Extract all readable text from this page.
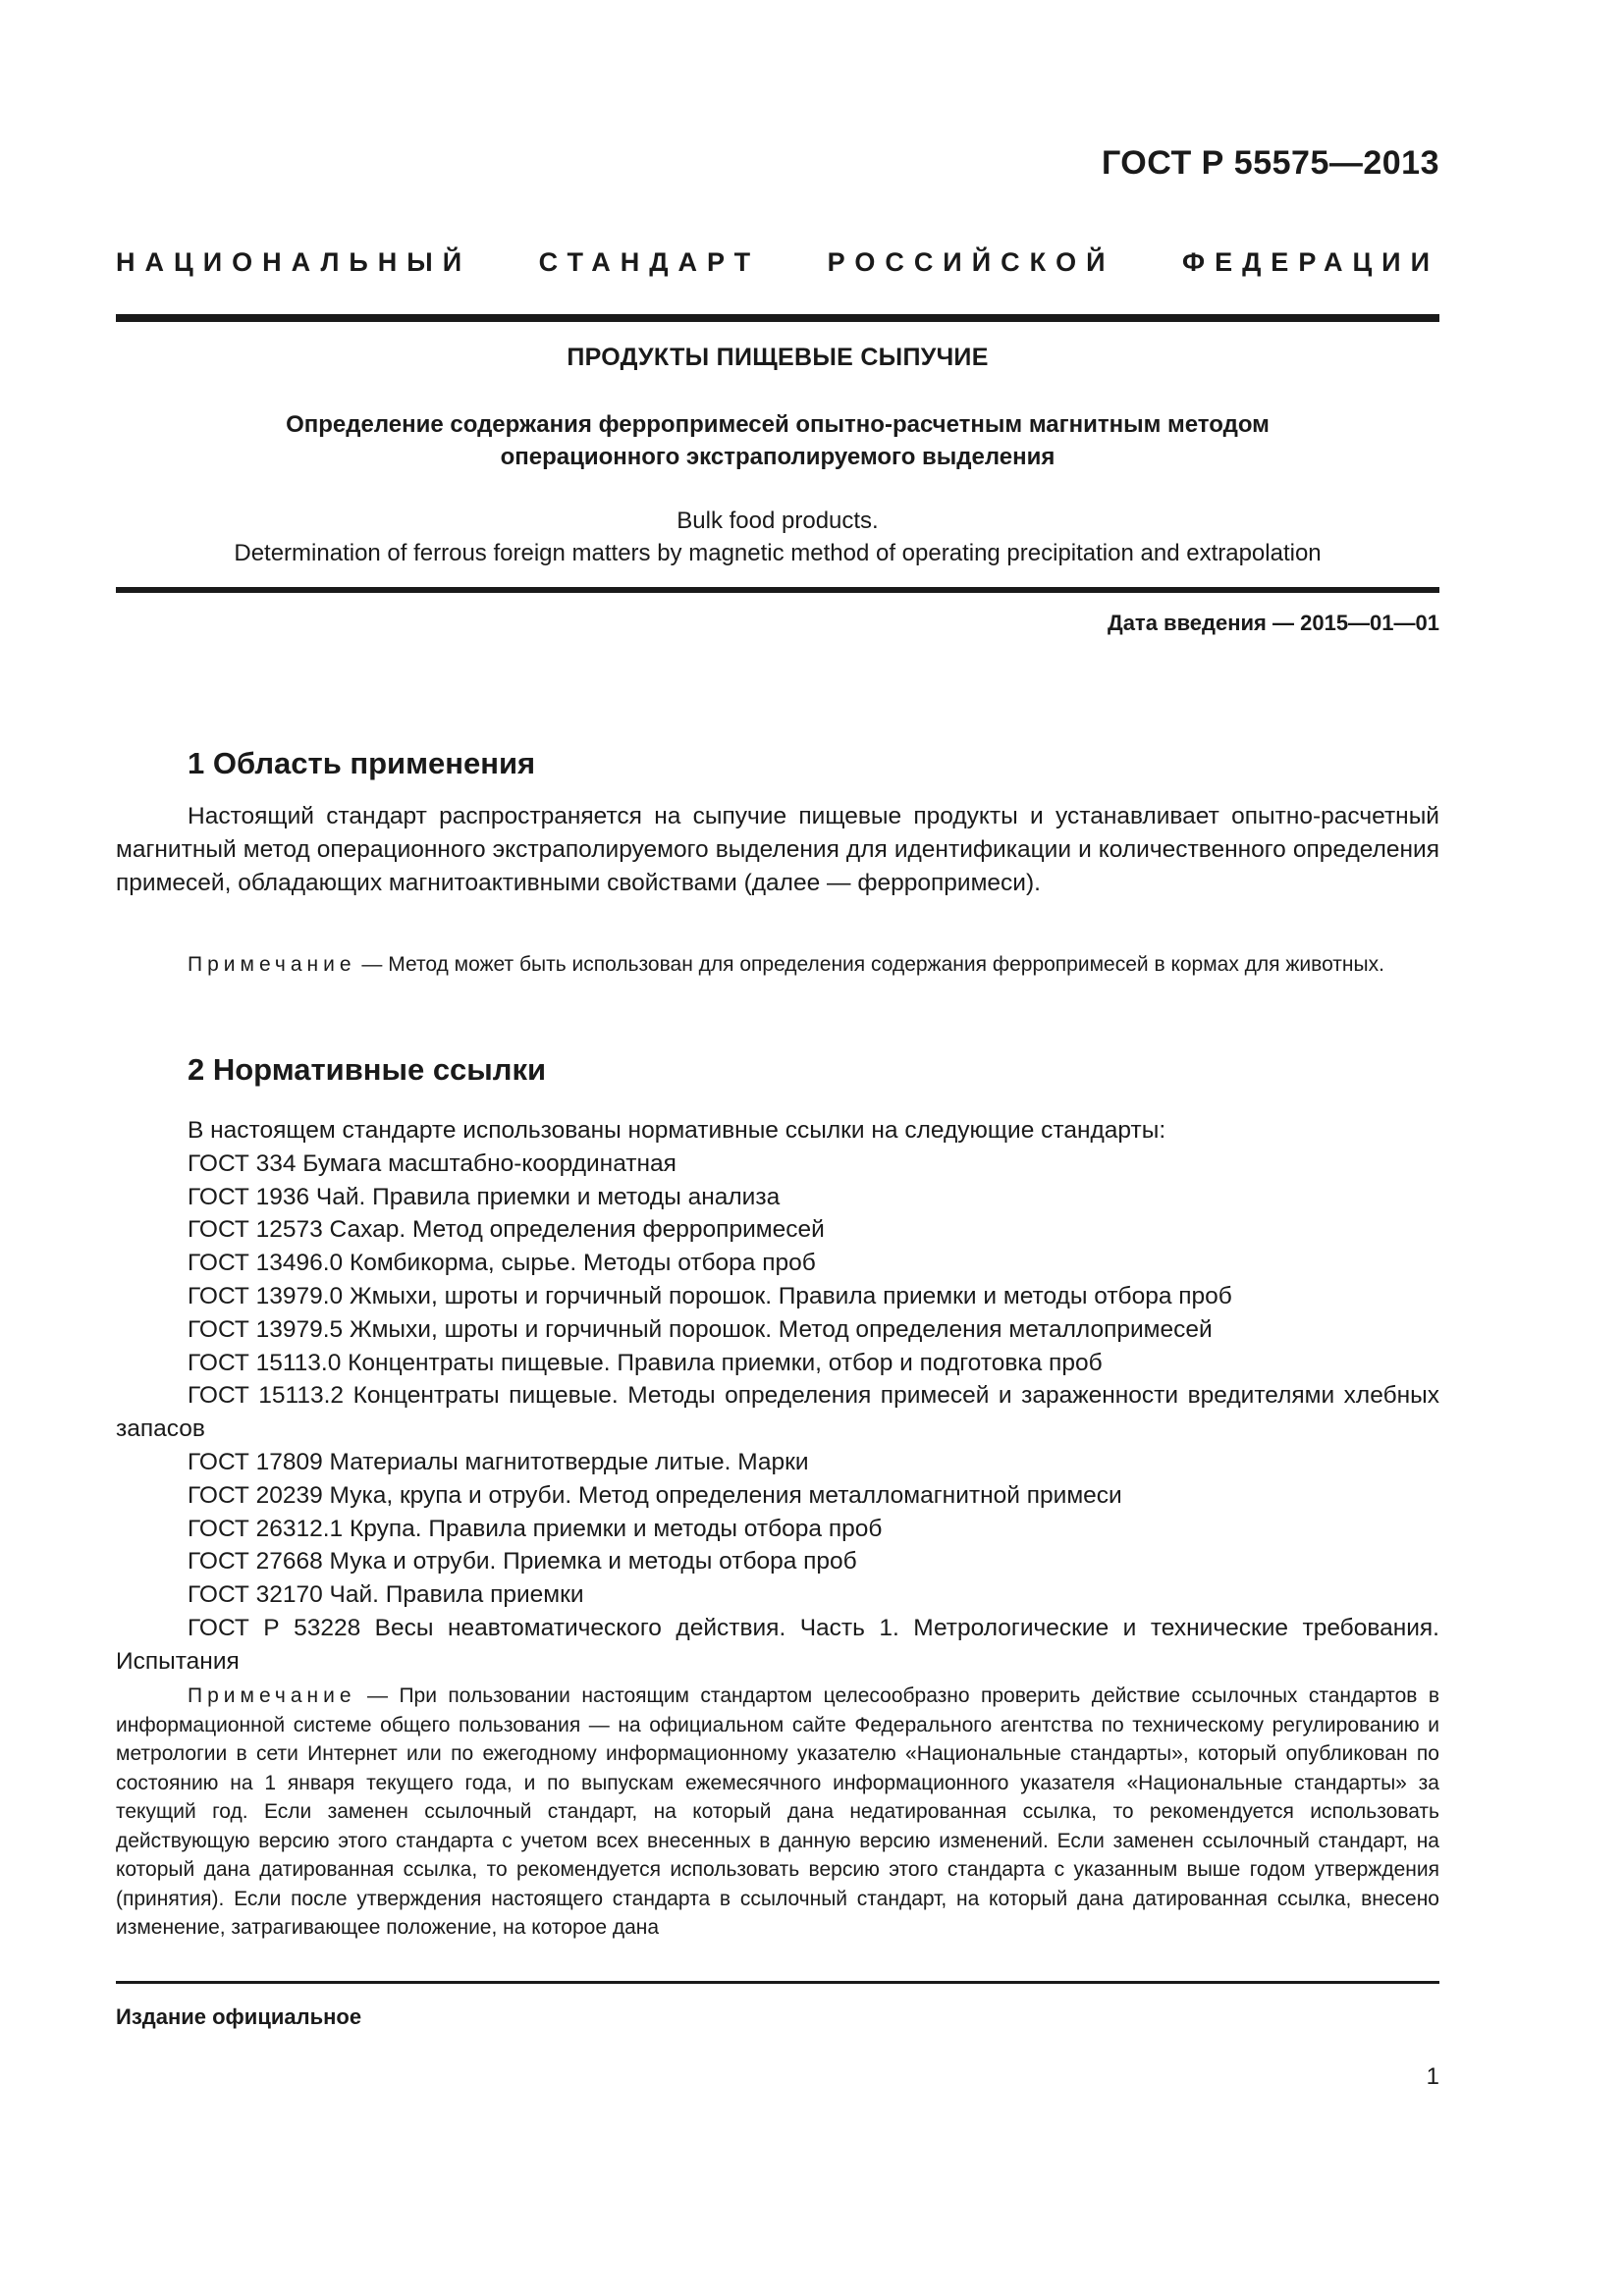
ГОСТ Р 55575—2013
НАЦИОНАЛЬНЫЙ СТАНДАРТ РОССИЙСКОЙ ФЕДЕРАЦИИ
ПРОДУКТЫ ПИЩЕВЫЕ СЫПУЧИЕ
Определение содержания ферропримесей опытно-расчетным магнитным методом
операционного экстраполируемого выделения
Bulk food products.
Determination of ferrous foreign matters by magnetic method of operating precipitation and extrapolation
Дата введения — 2015—01—01
1 Область применения
Настоящий стандарт распространяется на сыпучие пищевые продукты и устанавливает опытно-расчетный магнитный метод операционного экстраполируемого выделения для идентификации и количественного определения примесей, обладающих магнитоактивными свойствами (далее — ферропримеси).
Примечание — Метод может быть использован для определения содержания ферропримесей в кормах для животных.
2 Нормативные ссылки
В настоящем стандарте использованы нормативные ссылки на следующие стандарты:
ГОСТ 334 Бумага масштабно-координатная
ГОСТ 1936 Чай. Правила приемки и методы анализа
ГОСТ 12573 Сахар. Метод определения ферропримесей
ГОСТ 13496.0 Комбикорма, сырье. Методы отбора проб
ГОСТ 13979.0 Жмыхи, шроты и горчичный порошок. Правила приемки и методы отбора проб
ГОСТ 13979.5 Жмыхи, шроты и горчичный порошок. Метод определения металлопримесей
ГОСТ 15113.0 Концентраты пищевые. Правила приемки, отбор и подготовка проб
ГОСТ 15113.2 Концентраты пищевые. Методы определения примесей и зараженности вредителями хлебных запасов
ГОСТ 17809 Материалы магнитотвердые литые. Марки
ГОСТ 20239 Мука, крупа и отруби. Метод определения металломагнитной примеси
ГОСТ 26312.1 Крупа. Правила приемки и методы отбора проб
ГОСТ 27668 Мука и отруби. Приемка и методы отбора проб
ГОСТ 32170 Чай. Правила приемки
ГОСТ Р 53228 Весы неавтоматического действия. Часть 1. Метрологические и технические требования. Испытания
Примечание — При пользовании настоящим стандартом целесообразно проверить действие ссылочных стандартов в информационной системе общего пользования — на официальном сайте Федерального агентства по техническому регулированию и метрологии в сети Интернет или по ежегодному информационному указателю «Национальные стандарты», который опубликован по состоянию на 1 января текущего года, и по выпускам ежемесячного информационного указателя «Национальные стандарты» за текущий год. Если заменен ссылочный стандарт, на который дана недатированная ссылка, то рекомендуется использовать действующую версию этого стандарта с учетом всех внесенных в данную версию изменений. Если заменен ссылочный стандарт, на который дана датированная ссылка, то рекомендуется использовать версию этого стандарта с указанным выше годом утверждения (принятия). Если после утверждения настоящего стандарта в ссылочный стандарт, на который дана датированная ссылка, внесено изменение, затрагивающее положение, на которое дана
Издание официальное
1
